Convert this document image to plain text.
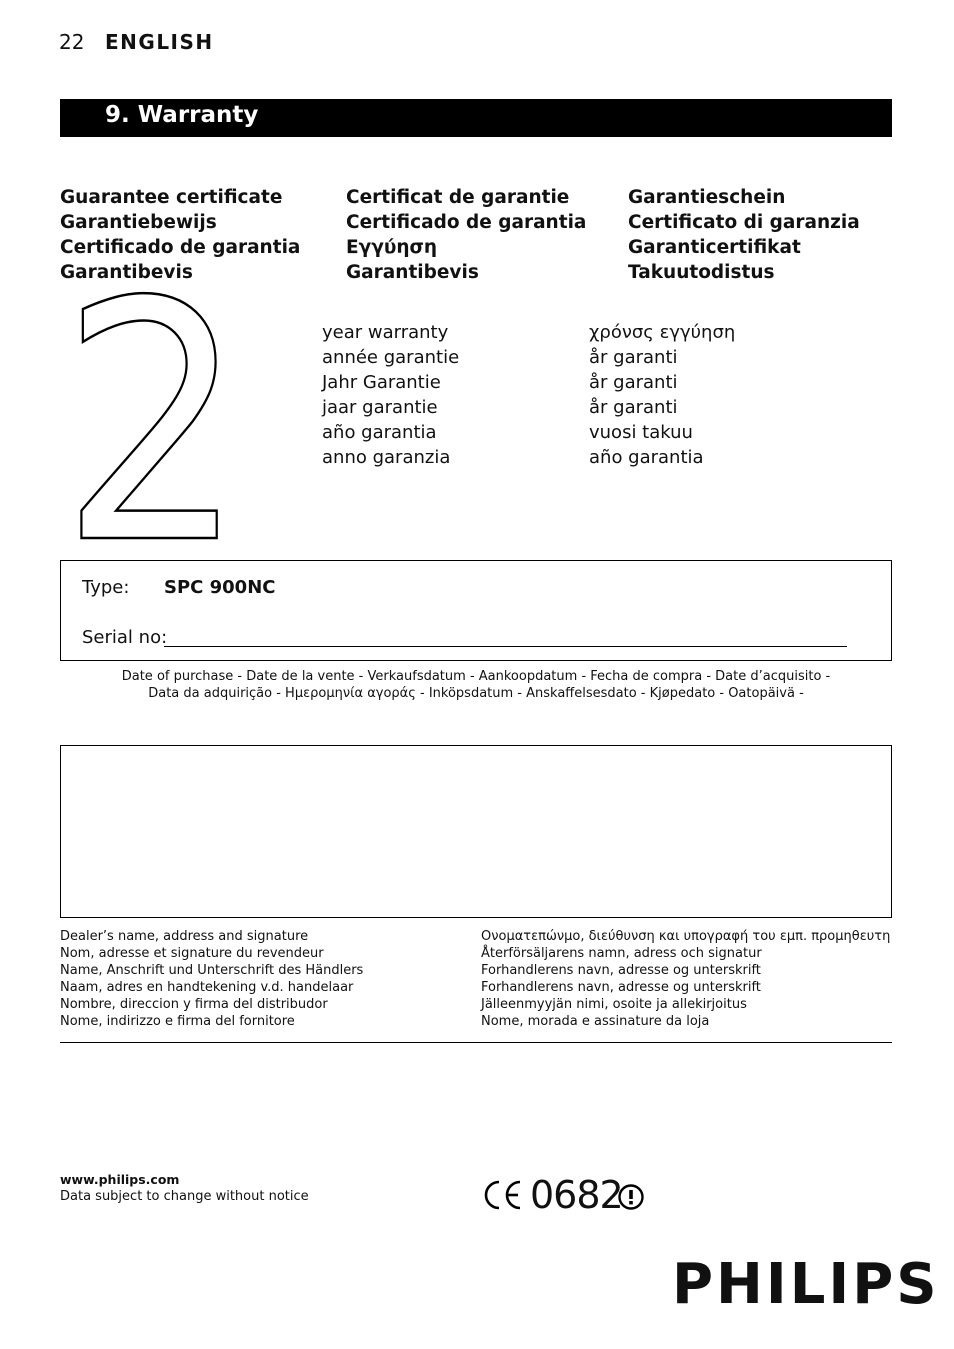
22 ENGLISH
9. Warranty
Guarantee certificate
Garantiebewijs
Certificado de garantia
Garantibevis
Certificat de garantie
Certificado de garantia
Εγγύηση
Garantibevis
Garantieschein
Certificato di garanzia
Garanticertifikat
Takuutodistus
2	year warranty
année garantie
Jahr Garantie
jaar garantie
año garantia
anno garanzia
χρόνσς εγγύηση
år garanti
år garanti
år garanti
vuosi takuu
año garantia
Type: SPC 900NC
Serial no:
Date of purchase - Date de la vente - Verkaufsdatum - Aankoopdatum - Fecha de compra - Date d’acquisito -
Data da adquirição - Ημερομηνία αγοράς - Inköpsdatum - Anskaffelsesdato - Kjøpedato - Oatopäivä -
Dealer’s name, address and signature
Nom, adresse et signature du revendeur
Name, Anschrift und Unterschrift des Händlers
Naam, adres en handtekening v.d. handelaar
Nombre, direccion y firma del distribudor
Nome, indirizzo e firma del fornitore
Ονοματεπώνμο, διεύθυνση και υπογραφή του εμπ. προμηθευτη
Återförsäljarens namn, adress och signatur
Forhandlerens navn, adresse og unterskrift
Forhandlerens navn, adresse og unterskrift
Jälleenmyyjän nimi, osoite ja allekirjoitus
Nome, morada e assinature da loja
www.philips.com
Data subject to change without notice	0682
PHILIPS
